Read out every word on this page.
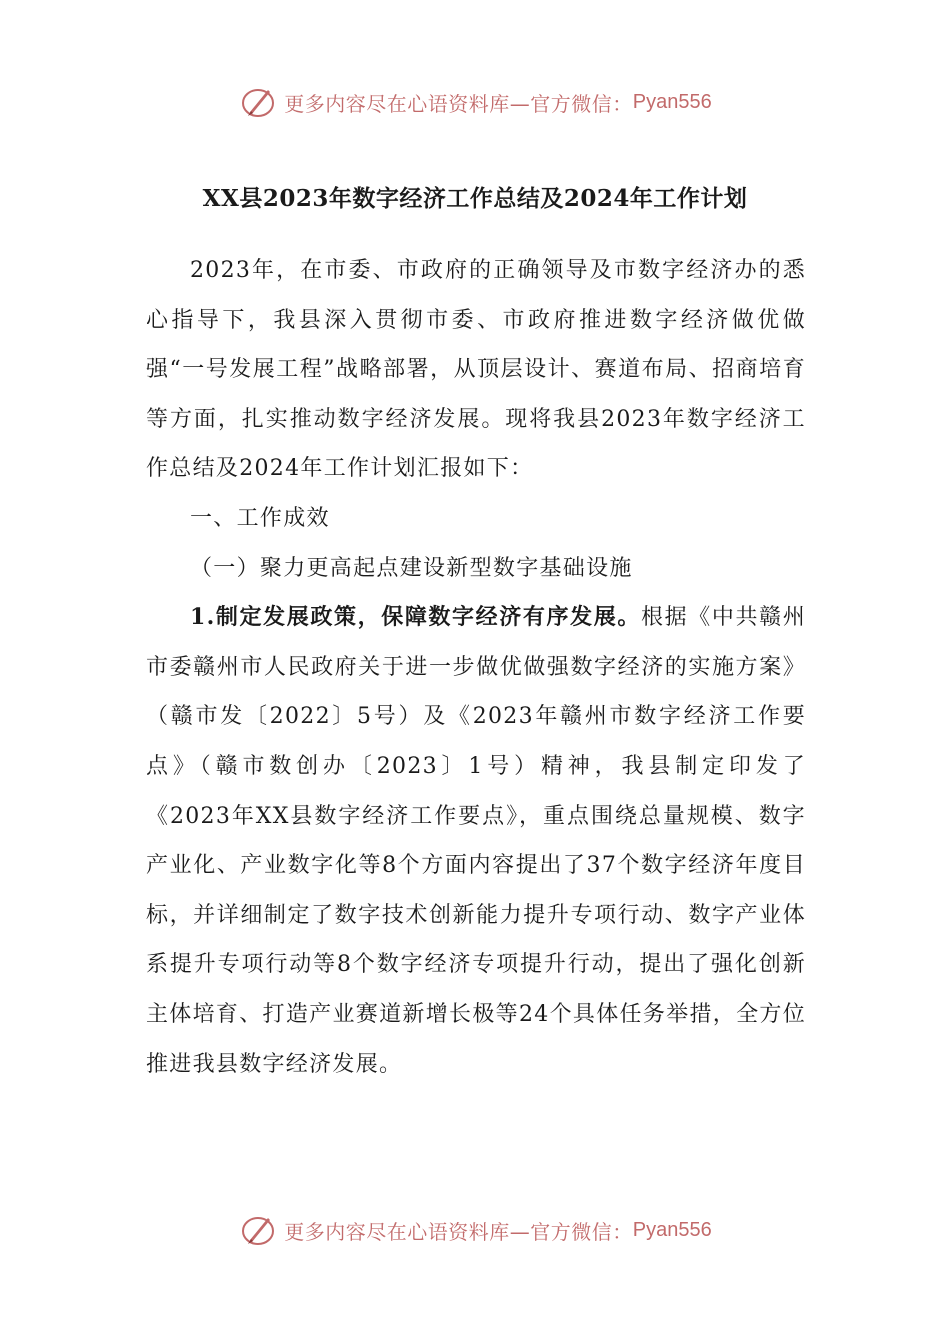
更多内容尽在心语资料库—官方微信： Pyan556
XX县2023年数字经济工作总结及2024年工作计划

2023年，在市委、市政府的正确领导及市数字经济办的悉心指导下，我县深入贯彻市委、市政府推进数字经济做优做强“一号发展工程”战略部署，从顶层设计、赛道布局、招商培育等方面，扎实推动数字经济发展。现将我县2023年数字经济工作总结及2024年工作计划汇报如下：

一、工作成效

（一）聚力更高起点建设新型数字基础设施

1.制定发展政策，保障数字经济有序发展。根据《中共赣州市委赣州市人民政府关于进一步做优做强数字经济的实施方案》（赣市发〔2022〕5号）及《2023年赣州市数字经济工作要点》（赣市数创办〔2023〕1号）精神，我县制定印发了《2023年XX县数字经济工作要点》，重点围绕总量规模、数字产业化、产业数字化等8个方面内容提出了37个数字经济年度目标，并详细制定了数字技术创新能力提升专项行动、数字产业体系提升专项行动等8个数字经济专项提升行动，提出了强化创新主体培育、打造产业赛道新增长极等24个具体任务举措，全方位推进我县数字经济发展。

更多内容尽在心语资料库—官方微信： Pyan556
